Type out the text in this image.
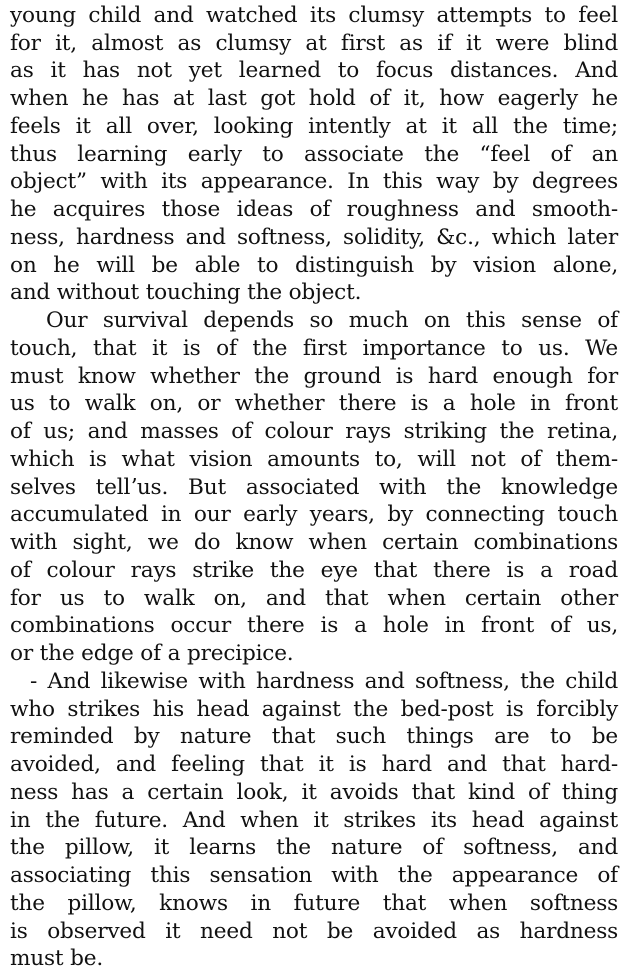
young child and watched its clumsy attempts to feel
for it, almost as clumsy at first as if it were blind
as it has not yet learned to focus distances. And
when he has at last got hold of it, how eagerly he
feels it all over, looking intently at it all the time;
thus learning early to associate the “feel of an
object” with its appearance. In this way by degrees
he acquires those ideas of roughness and smooth-
ness, hardness and softness, solidity, &c., which later
on he will be able to distinguish by vision alone,
and without touching the object.
Our survival depends so much on this sense of
touch, that it is of the first importance to us. We
must know whether the ground is hard enough for
us to walk on, or whether there is a hole in front
of us; and masses of colour rays striking the retina,
which is what vision amounts to, will not of them-
selves tellʼus. But associated with the knowledge
accumulated in our early years, by connecting touch
with sight, we do know when certain combinations
of colour rays strike the eye that there is a road
for us to walk on, and that when certain other
combinations occur there is a hole in front of us,
or the edge of a precipice.
- And likewise with hardness and softness, the child
who strikes his head against the bed-post is forcibly
reminded by nature that such things are to be
avoided, and feeling that it is hard and that hard-
ness has a certain look, it avoids that kind of thing
in the future. And when it strikes its head against
the pillow, it learns the nature of softness, and
associating this sensation with the appearance of
the pillow, knows in future that when softness
is observed it need not be avoided as hardness
must be.
